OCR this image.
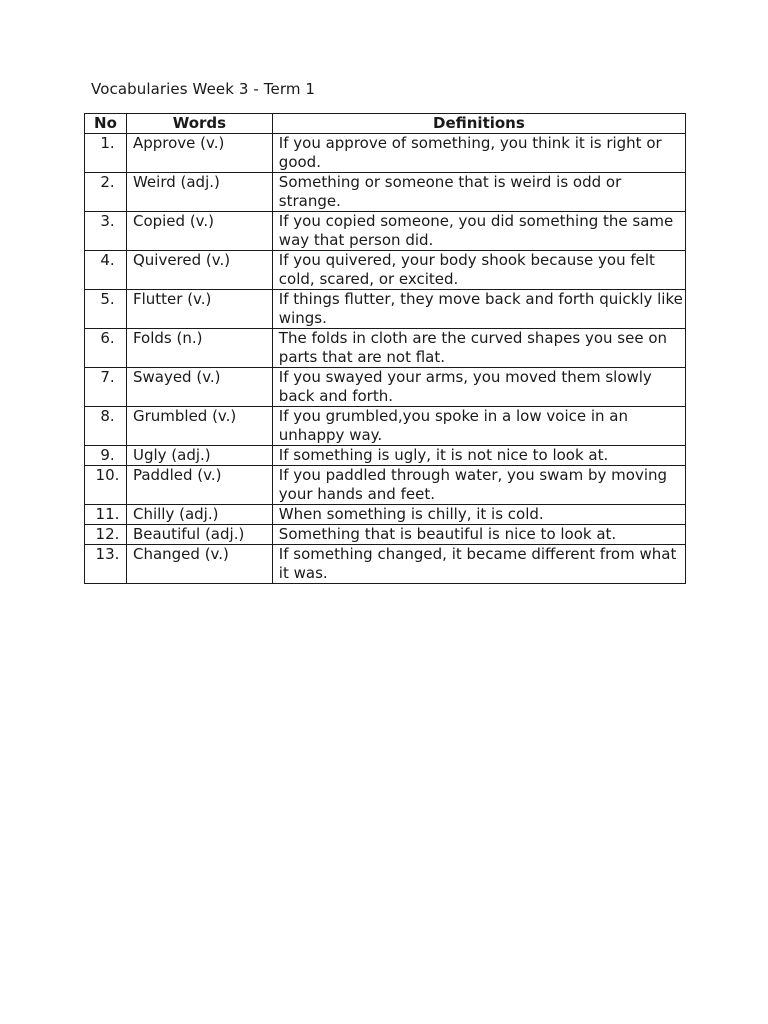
Vocabularies Week 3 - Term 1
No	Words	Definitions
1.	Approve (v.)	If you approve of something, you think it is right or good.
2.	Weird (adj.)	Something or someone that is weird is odd or strange.
3.	Copied (v.)	If you copied someone, you did something the same way that person did.
4.	Quivered (v.)	If you quivered, your body shook because you felt cold, scared, or excited.
5.	Flutter (v.)	If things flutter, they move back and forth quickly like wings.
6.	Folds (n.)	The folds in cloth are the curved shapes you see on parts that are not flat.
7.	Swayed (v.)	If you swayed your arms, you moved them slowly back and forth.
8.	Grumbled (v.)	If you grumbled,you spoke in a low voice in an unhappy way.
9.	Ugly (adj.)	If something is ugly, it is not nice to look at.
10.	Paddled (v.)	If you paddled through water, you swam by moving your hands and feet.
11.	Chilly (adj.)	When something is chilly, it is cold.
12.	Beautiful (adj.)	Something that is beautiful is nice to look at.
13.	Changed (v.)	If something changed, it became different from what it was.
